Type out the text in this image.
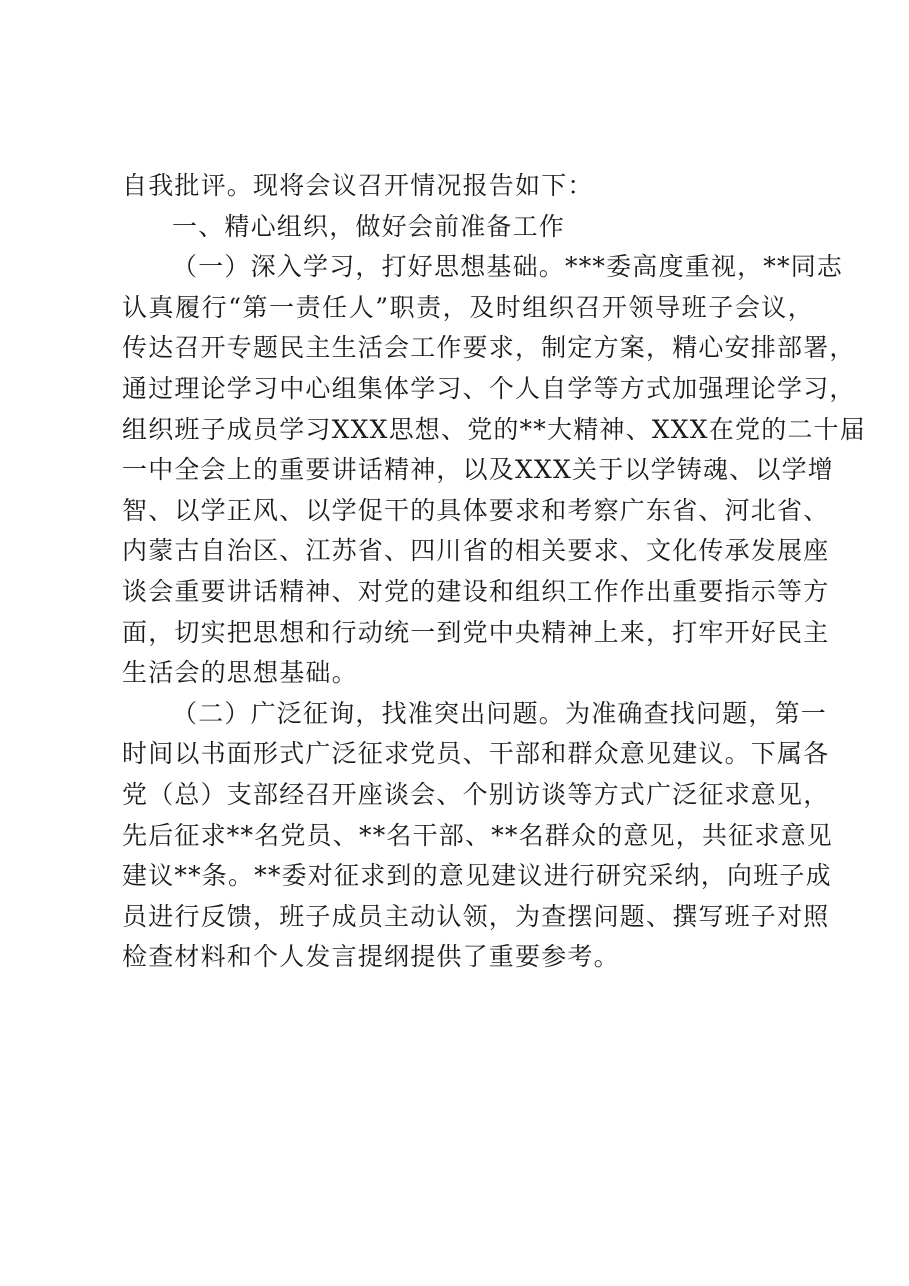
自我批评。现将会议召开情况报告如下：
一、精心组织，做好会前准备工作
（一）深入学习，打好思想基础。***委高度重视，**同志
认真履行“第一责任人”职责，及时组织召开领导班子会议，
传达召开专题民主生活会工作要求，制定方案，精心安排部署，
通过理论学习中心组集体学习、个人自学等方式加强理论学习，
组织班子成员学习XXX思想、党的**大精神、XXX在党的二十届
一中全会上的重要讲话精神，以及XXX关于以学铸魂、以学增
智、以学正风、以学促干的具体要求和考察广东省、河北省、
内蒙古自治区、江苏省、四川省的相关要求、文化传承发展座
谈会重要讲话精神、对党的建设和组织工作作出重要指示等方
面，切实把思想和行动统一到党中央精神上来，打牢开好民主
生活会的思想基础。
（二）广泛征询，找准突出问题。为准确查找问题，第一
时间以书面形式广泛征求党员、干部和群众意见建议。下属各
党（总）支部经召开座谈会、个别访谈等方式广泛征求意见，
先后征求**名党员、**名干部、**名群众的意见，共征求意见
建议**条。**委对征求到的意见建议进行研究采纳，向班子成
员进行反馈，班子成员主动认领，为查摆问题、撰写班子对照
检查材料和个人发言提纲提供了重要参考。
